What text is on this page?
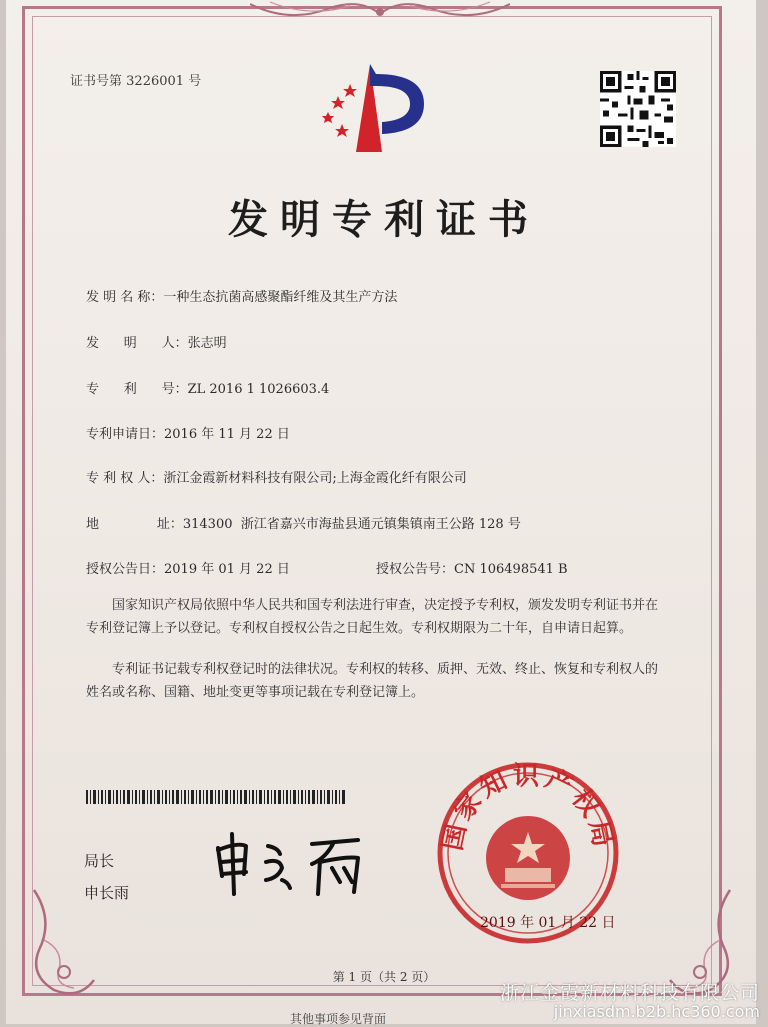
证书号第 3226001 号
发明专利证书
发 明 名 称：一种生态抗菌高感聚酯纤维及其生产方法
发      明      人：张志明
专      利      号：ZL 2016 1 1026603.4
专利申请日：2016 年 11 月 22 日
专 利 权 人：浙江金霞新材料科技有限公司;上海金霞化纤有限公司
地              址：314300  浙江省嘉兴市海盐县通元镇集镇南王公路 128 号
授权公告日：2019 年 01 月 22 日	授权公告号：CN 106498541 B
国家知识产权局依照中华人民共和国专利法进行审查，决定授予专利权，颁发发明专利证书并在专利登记簿上予以登记。专利权自授权公告之日起生效。专利权期限为二十年，自申请日起算。
专利证书记载专利权登记时的法律状况。专利权的转移、质押、无效、终止、恢复和专利权人的姓名或名称、国籍、地址变更等事项记载在专利登记簿上。
局长
申长雨
国家知识产权局
2019 年 01 月 22 日
第 1 页（共 2 页）
其他事项参见背面
浙江金霞新材料科技有限公司
jinxiasdm.b2b.hc360.com
